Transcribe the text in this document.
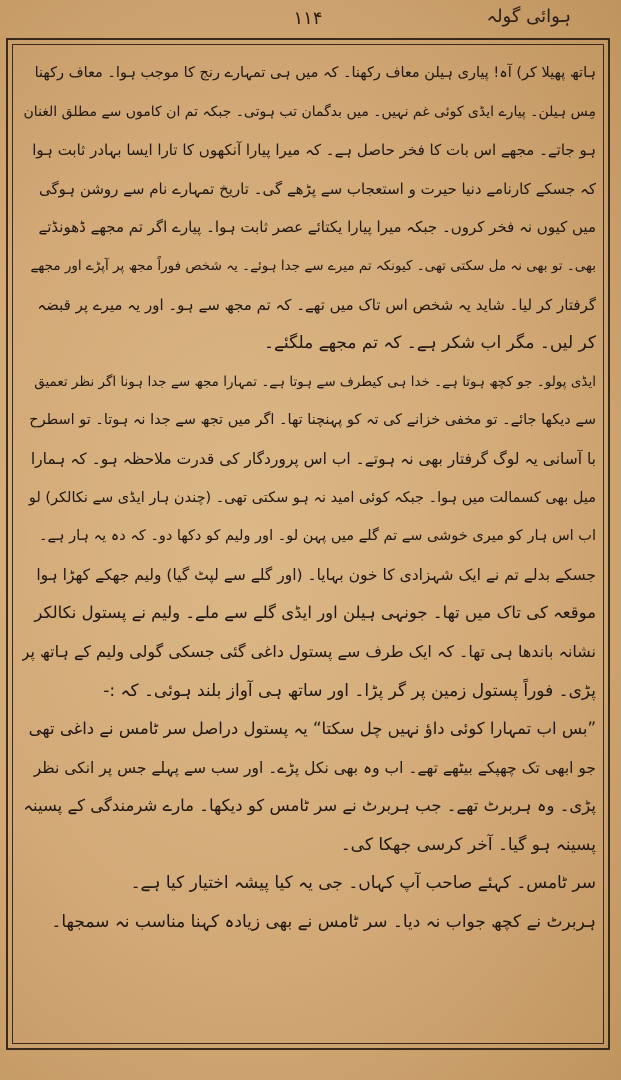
۱۱۴	ہوائی گولہ
ہاتھ پھیلا کر) آہ! پیاری ہیلن معاف رکھنا۔ کہ میں ہی تمہارے رنج کا موجب ہوا۔ معاف رکھنا
مِس ہیلن۔ پیارے ایڈی کوئی غم نہیں۔ میں بدگمان تب ہوتی۔ جبکہ تم ان کاموں سے مطلق الغنان
ہو جاتے۔ مجھے اس بات کا فخر حاصل ہے۔ کہ میرا پیارا آنکھوں کا تارا ایسا بہادر ثابت ہوا
کہ جسکے کارنامے دنیا حیرت و استعجاب سے پڑھے گی۔ تاریخ تمہارے نام سے روشن ہوگی
میں کیوں نہ فخر کروں۔ جبکہ میرا پیارا یکتائے عصر ثابت ہوا۔ پیارے اگر تم مجھے ڈھونڈتے
بھی۔ تو بھی نہ مل سکتی تھی۔ کیونکہ تم میرے سے جدا ہوئے۔ یہ شخص فوراً مجھ پر آپڑے اور مجھے
گرفتار کر لیا۔ شاید یہ شخص اس تاک میں تھے۔ کہ تم مجھ سے ہو۔ اور یہ میرے پر قبضہ
کر لیں۔ مگر اب شکر ہے۔ کہ تم مجھے ملگئے۔
ایڈی پولو۔ جو کچھ ہوتا ہے۔ خدا ہی کیطرف سے ہوتا ہے۔ تمہارا مجھ سے جدا ہونا اگر نظر تعمیق
سے دیکھا جائے۔ تو مخفی خزانے کی تہ کو پہنچنا تھا۔ اگر میں تجھ سے جدا نہ ہوتا۔ تو اسطرح
با آسانی یہ لوگ گرفتار بھی نہ ہوتے۔ اب اس پروردگار کی قدرت ملاحظہ ہو۔ کہ ہمارا
میل بھی کسمالت میں ہوا۔ جبکہ کوئی امید نہ ہو سکتی تھی۔ (چندن ہار ایڈی سے نکالکر) لو
اب اس ہار کو میری خوشی سے تم گلے میں پہن لو۔ اور ولیم کو دکھا دو۔ کہ دہ یہ ہار ہے۔
جسکے بدلے تم نے ایک شہزادی کا خون بہایا۔ (اور گلے سے لپٹ گیا) ولیم جھکے کھڑا ہوا
موقعہ کی تاک میں تھا۔ جونہی ہیلن اور ایڈی گلے سے ملے۔ ولیم نے پستول نکالکر
نشانہ باندھا ہی تھا۔ کہ ایک طرف سے پستول داغی گئی جسکی گولی ولیم کے ہاتھ پر
پڑی۔ فوراً پستول زمین پر گر پڑا۔ اور ساتھ ہی آواز بلند ہوئی۔ کہ :-
”بس اب تمہارا کوئی داؤ نہیں چل سکتا“ یہ پستول دراصل سر ٹامس نے داغی تھی
جو ابھی تک چھپکے بیٹھے تھے۔ اب وہ بھی نکل پڑے۔ اور سب سے پہلے جس پر انکی نظر
پڑی۔ وہ ہربرٹ تھے۔ جب ہربرٹ نے سر ٹامس کو دیکھا۔ مارے شرمندگی کے پسینہ
پسینہ ہو گیا۔ آخر کرسی جھکا کی۔
سر ٹامس۔ کہئے صاحب آپ کہاں۔ جی یہ کیا پیشہ اختیار کیا ہے۔
ہربرٹ نے کچھ جواب نہ دیا۔ سر ٹامس نے بھی زیادہ کہنا مناسب نہ سمجھا۔
